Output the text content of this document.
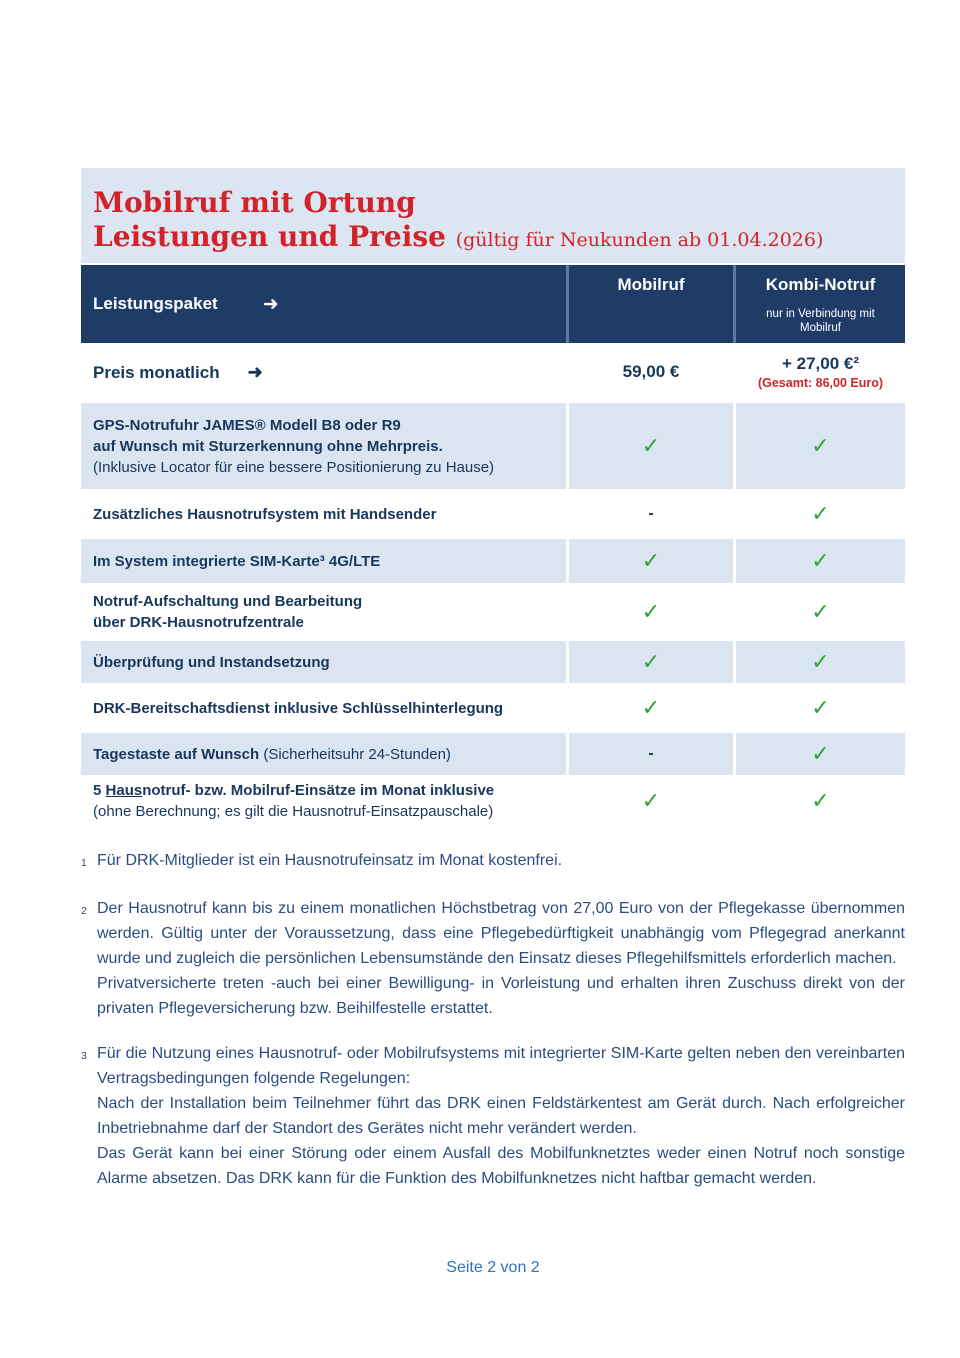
Mobilruf mit Ortung
Leistungen und Preise (gültig für Neukunden ab 01.04.2026)
Leistungspaket ➜
Mobilruf	Kombi-Notruf
nur in Verbindung mit Mobilruf
Preis monatlich ➜	59,00 €	+ 27,00 €²
(Gesamt: 86,00 Euro)
GPS-Notrufuhr JAMES® Modell B8 oder R9
auf Wunsch mit Sturzerkennung ohne Mehrpreis.
(Inklusive Locator für eine bessere Positionierung zu Hause)
✓	✓
Zusätzliches Hausnotrufsystem mit Handsender	-	✓
Im System integrierte SIM-Karte³ 4G/LTE	✓	✓
Notruf-Aufschaltung und Bearbeitung
über DRK-Hausnotrufzentrale	✓	✓
Überprüfung und Instandsetzung	✓	✓
DRK-Bereitschaftsdienst inklusive Schlüsselhinterlegung	✓	✓
Tagestaste auf Wunsch (Sicherheitsuhr 24-Stunden)	-	✓
5 Hausnotruf- bzw. Mobilruf-Einsätze im Monat inklusive
(ohne Berechnung; es gilt die Hausnotruf-Einsatzpauschale)	✓	✓
1 Für DRK-Mitglieder ist ein Hausnotrufeinsatz im Monat kostenfrei.

2 Der Hausnotruf kann bis zu einem monatlichen Höchstbetrag von 27,00 Euro von der Pflegekasse übernommen werden. Gültig unter der Voraussetzung, dass eine Pflegebedürftigkeit unabhängig vom Pflegegrad anerkannt wurde und zugleich die persönlichen Lebensumstände den Einsatz dieses Pflegehilfsmittels erforderlich machen.

Privatversicherte treten -auch bei einer Bewilligung- in Vorleistung und erhalten ihren Zuschuss direkt von der privaten Pflegeversicherung bzw. Beihilfestelle erstattet.

3 Für die Nutzung eines Hausnotruf- oder Mobilrufsystems mit integrierter SIM-Karte gelten neben den vereinbarten Vertragsbedingungen folgende Regelungen:

Nach der Installation beim Teilnehmer führt das DRK einen Feldstärkentest am Gerät durch. Nach erfolgreicher Inbetriebnahme darf der Standort des Gerätes nicht mehr verändert werden.

Das Gerät kann bei einer Störung oder einem Ausfall des Mobilfunknetztes weder einen Notruf noch sonstige Alarme absetzen. Das DRK kann für die Funktion des Mobilfunknetzes nicht haftbar gemacht werden.

Seite 2 von 2
